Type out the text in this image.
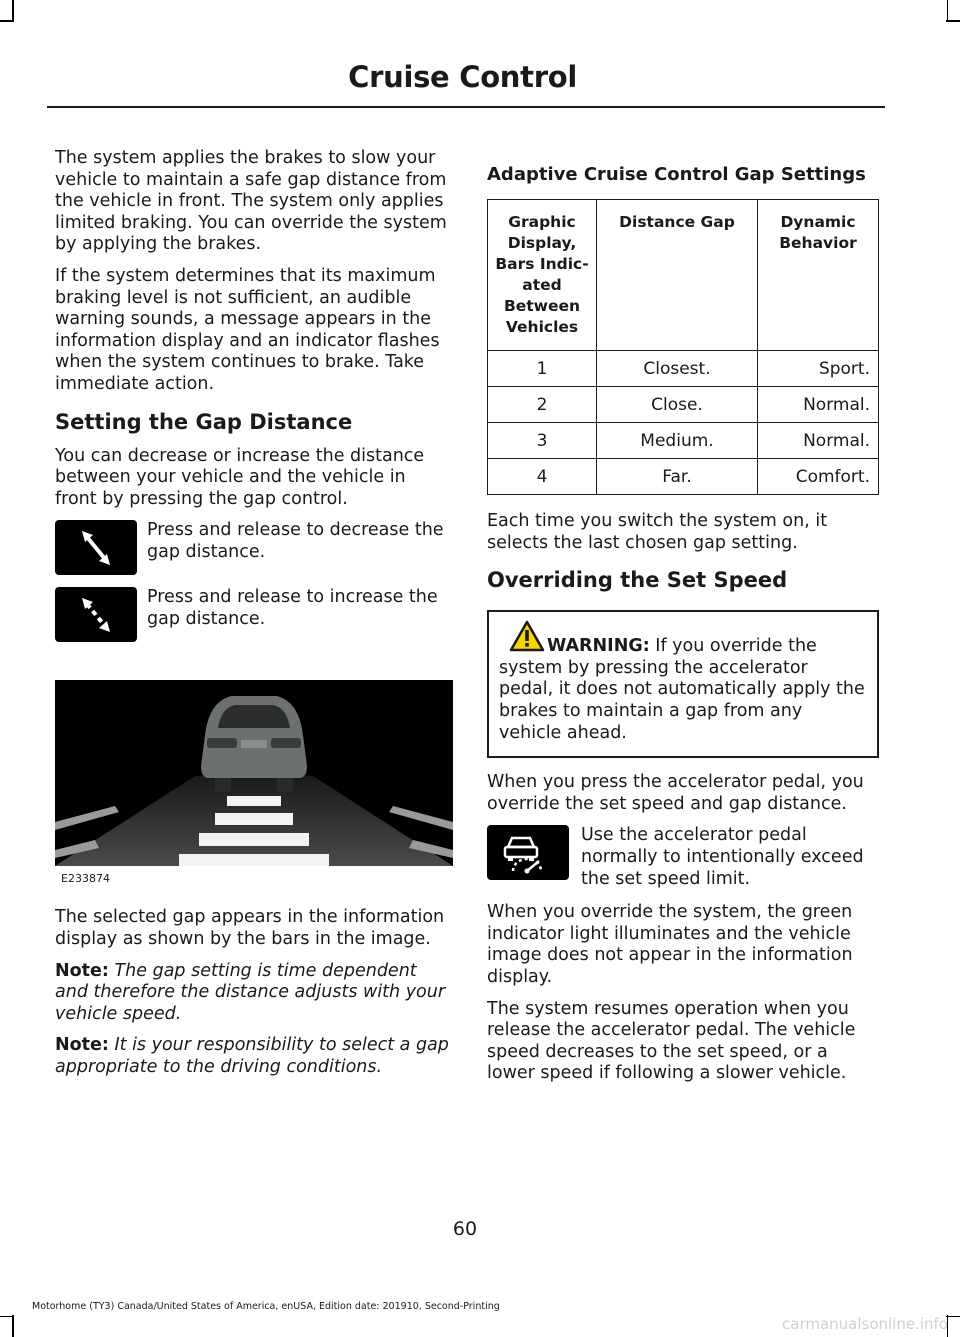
Cruise Control

The system applies the brakes to slow your vehicle to maintain a safe gap distance from the vehicle in front. The system only applies limited braking. You can override the system by applying the brakes.

If the system determines that its maximum braking level is not sufficient, an audible warning sounds, a message appears in the information display and an indicator flashes when the system continues to brake. Take immediate action.

Setting the Gap Distance

You can decrease or increase the distance between your vehicle and the vehicle in front by pressing the gap control.

Press and release to decrease the gap distance.

Press and release to increase the gap distance.

E233874

The selected gap appears in the information display as shown by the bars in the image.

Note: The gap setting is time dependent and therefore the distance adjusts with your vehicle speed.

Note: It is your responsibility to select a gap appropriate to the driving conditions.

Adaptive Cruise Control Gap Settings
Graphic Display, Bars Indic-ated Between Vehicles	Distance Gap	Dynamic Behavior
1	Closest.	Sport.
2	Close.	Normal.
3	Medium.	Normal.
4	Far.	Comfort.

Each time you switch the system on, it selects the last chosen gap setting.

Overriding the Set Speed

WARNING: If you override the system by pressing the accelerator pedal, it does not automatically apply the brakes to maintain a gap from any vehicle ahead.

When you press the accelerator pedal, you override the set speed and gap distance.

Use the accelerator pedal normally to intentionally exceed the set speed limit.

When you override the system, the green indicator light illuminates and the vehicle image does not appear in the information display.

The system resumes operation when you release the accelerator pedal. The vehicle speed decreases to the set speed, or a lower speed if following a slower vehicle.

60
Motorhome (TY3) Canada/United States of America, enUSA, Edition date: 201910, Second-Printing
carmanualsonline.info
